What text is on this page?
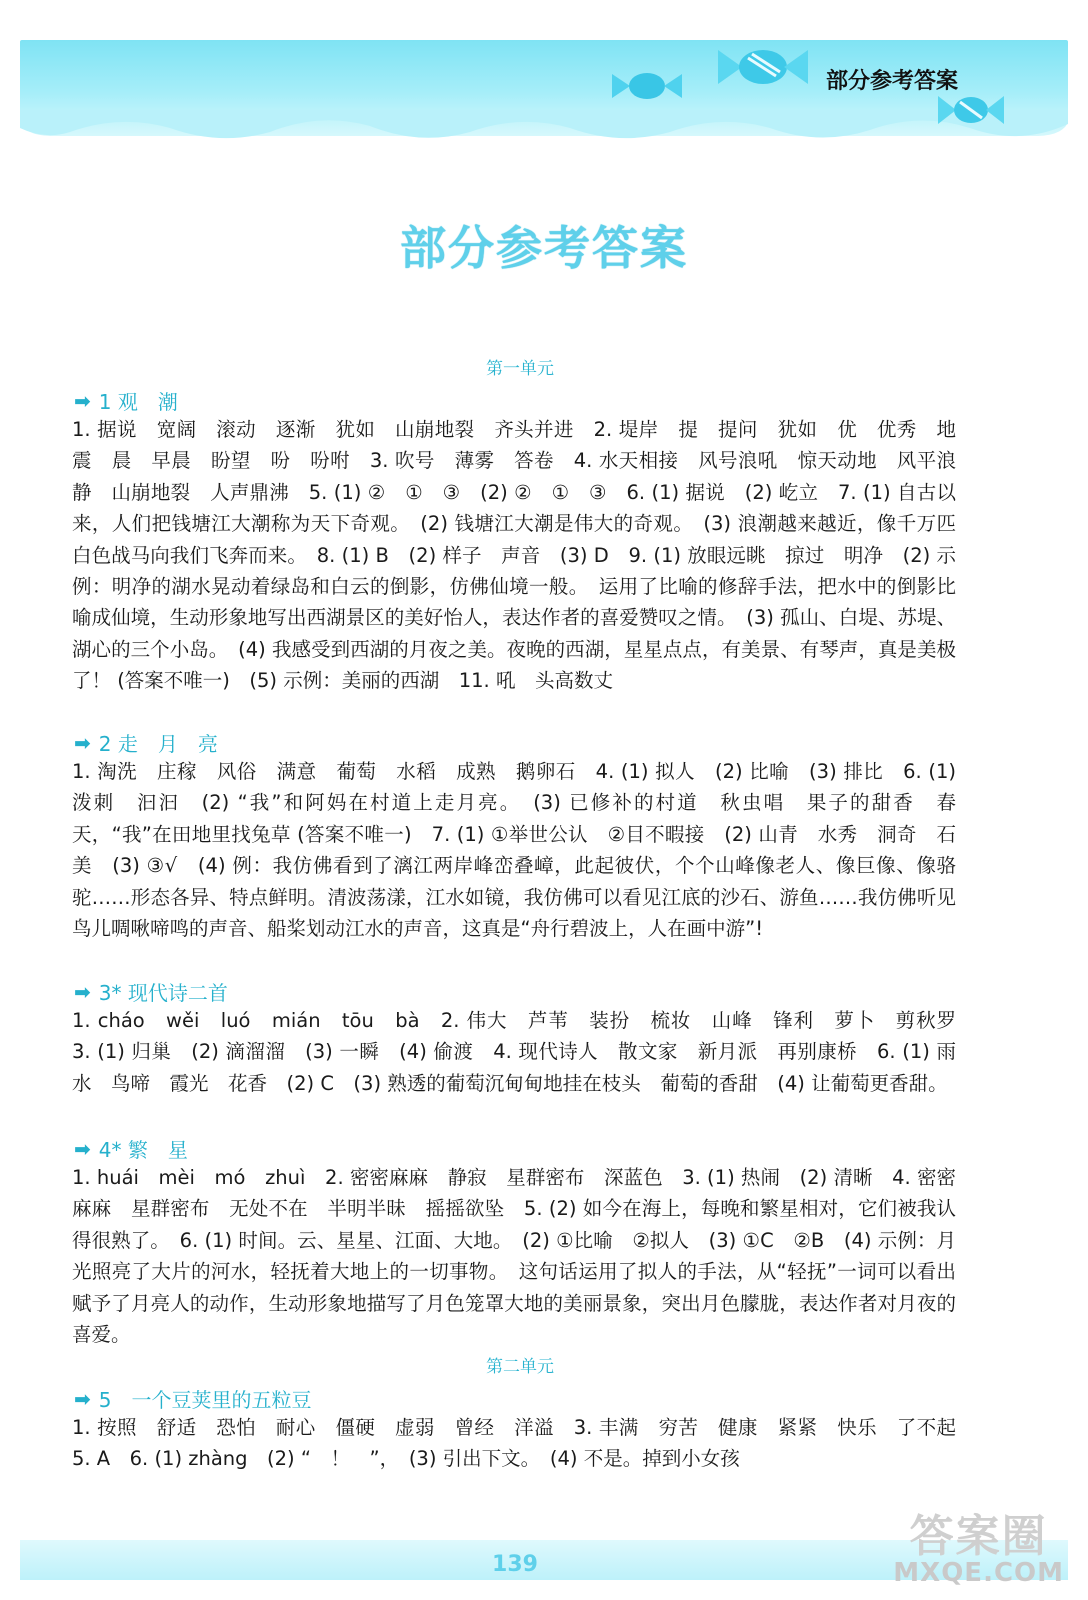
部分参考答案
部分参考答案
第一单元
➡ 1 观　潮
1. 据说　宽阔　滚动　逐渐　犹如　山崩地裂　齐头并进　2. 堤岸　提　提问　犹如　优　优秀　地震　晨　早晨　盼望　吩　吩咐　3. 吹号　薄雾　答卷　4. 水天相接　风号浪吼　惊天动地　风平浪静　山崩地裂　人声鼎沸　5. (1) ②　①　③　(2) ②　①　③　6. (1) 据说　(2) 屹立　7. (1) 自古以来，人们把钱塘江大潮称为天下奇观。　(2) 钱塘江大潮是伟大的奇观。　(3) 浪潮越来越近，像千万匹白色战马向我们飞奔而来。　8. (1) B　(2) 样子　声音　(3) D　9. (1) 放眼远眺　掠过　明净　(2) 示例：明净的湖水晃动着绿岛和白云的倒影，仿佛仙境一般。　运用了比喻的修辞手法，把水中的倒影比喻成仙境，生动形象地写出西湖景区的美好怡人，表达作者的喜爱赞叹之情。　(3) 孤山、白堤、苏堤、湖心的三个小岛。　(4) 我感受到西湖的月夜之美。夜晚的西湖，星星点点，有美景、有琴声，真是美极了！ (答案不唯一)　(5) 示例：美丽的西湖　11. 吼　头高数丈
➡ 2 走　月　亮
1. 淘洗　庄稼　风俗　满意　葡萄　水稻　成熟　鹅卵石　4. (1) 拟人　(2) 比喻　(3) 排比　6. (1) 泼刺　汩汩　(2) “我”和阿妈在村道上走月亮。　(3) 已修补的村道　秋虫唱　果子的甜香　春天，“我”在田地里找兔草 (答案不唯一)　7. (1) ①举世公认　②目不暇接　(2) 山青　水秀　洞奇　石美　(3) ③√　(4) 例：我仿佛看到了漓江两岸峰峦叠嶂，此起彼伏，个个山峰像老人、像巨像、像骆驼……形态各异、特点鲜明。清波荡漾，江水如镜，我仿佛可以看见江底的沙石、游鱼……我仿佛听见鸟儿啁啾啼鸣的声音、船桨划动江水的声音，这真是“舟行碧波上，人在画中游”!
➡ 3* 现代诗二首
1. cháo　wěi　luó　mián　tōu　bà　2. 伟大　芦苇　装扮　梳妆　山峰　锋利　萝卜　剪秋罗　3. (1) 归巢　(2) 滴溜溜　(3) 一瞬　(4) 偷渡　4. 现代诗人　散文家　新月派　再别康桥　6. (1) 雨水　鸟啼　霞光　花香　(2) C　(3) 熟透的葡萄沉甸甸地挂在枝头　葡萄的香甜　(4) 让葡萄更香甜。
➡ 4* 繁　星
1. huái　mèi　mó　zhuì　2. 密密麻麻　静寂　星群密布　深蓝色　3. (1) 热闹　(2) 清晰　4. 密密麻麻　星群密布　无处不在　半明半昧　摇摇欲坠　5. (2) 如今在海上，每晚和繁星相对，它们被我认得很熟了。　6. (1) 时间。云、星星、江面、大地。　(2) ①比喻　②拟人　(3) ①C　②B　(4) 示例：月光照亮了大片的河水，轻抚着大地上的一切事物。　这句话运用了拟人的手法，从“轻抚”一词可以看出赋予了月亮人的动作，生动形象地描写了月色笼罩大地的美丽景象，突出月色朦胧，表达作者对月夜的喜爱。
第二单元
➡ 5　一个豆荚里的五粒豆
1. 按照　舒适　恐怕　耐心　僵硬　虚弱　曾经　洋溢　3. 丰满　穷苦　健康　紧紧　快乐　了不起　5. A　6. (1) zhàng　(2) “　！　”，　(3) 引出下文。　(4) 不是。掉到小女孩
139
答案圈
MXQE.COM
